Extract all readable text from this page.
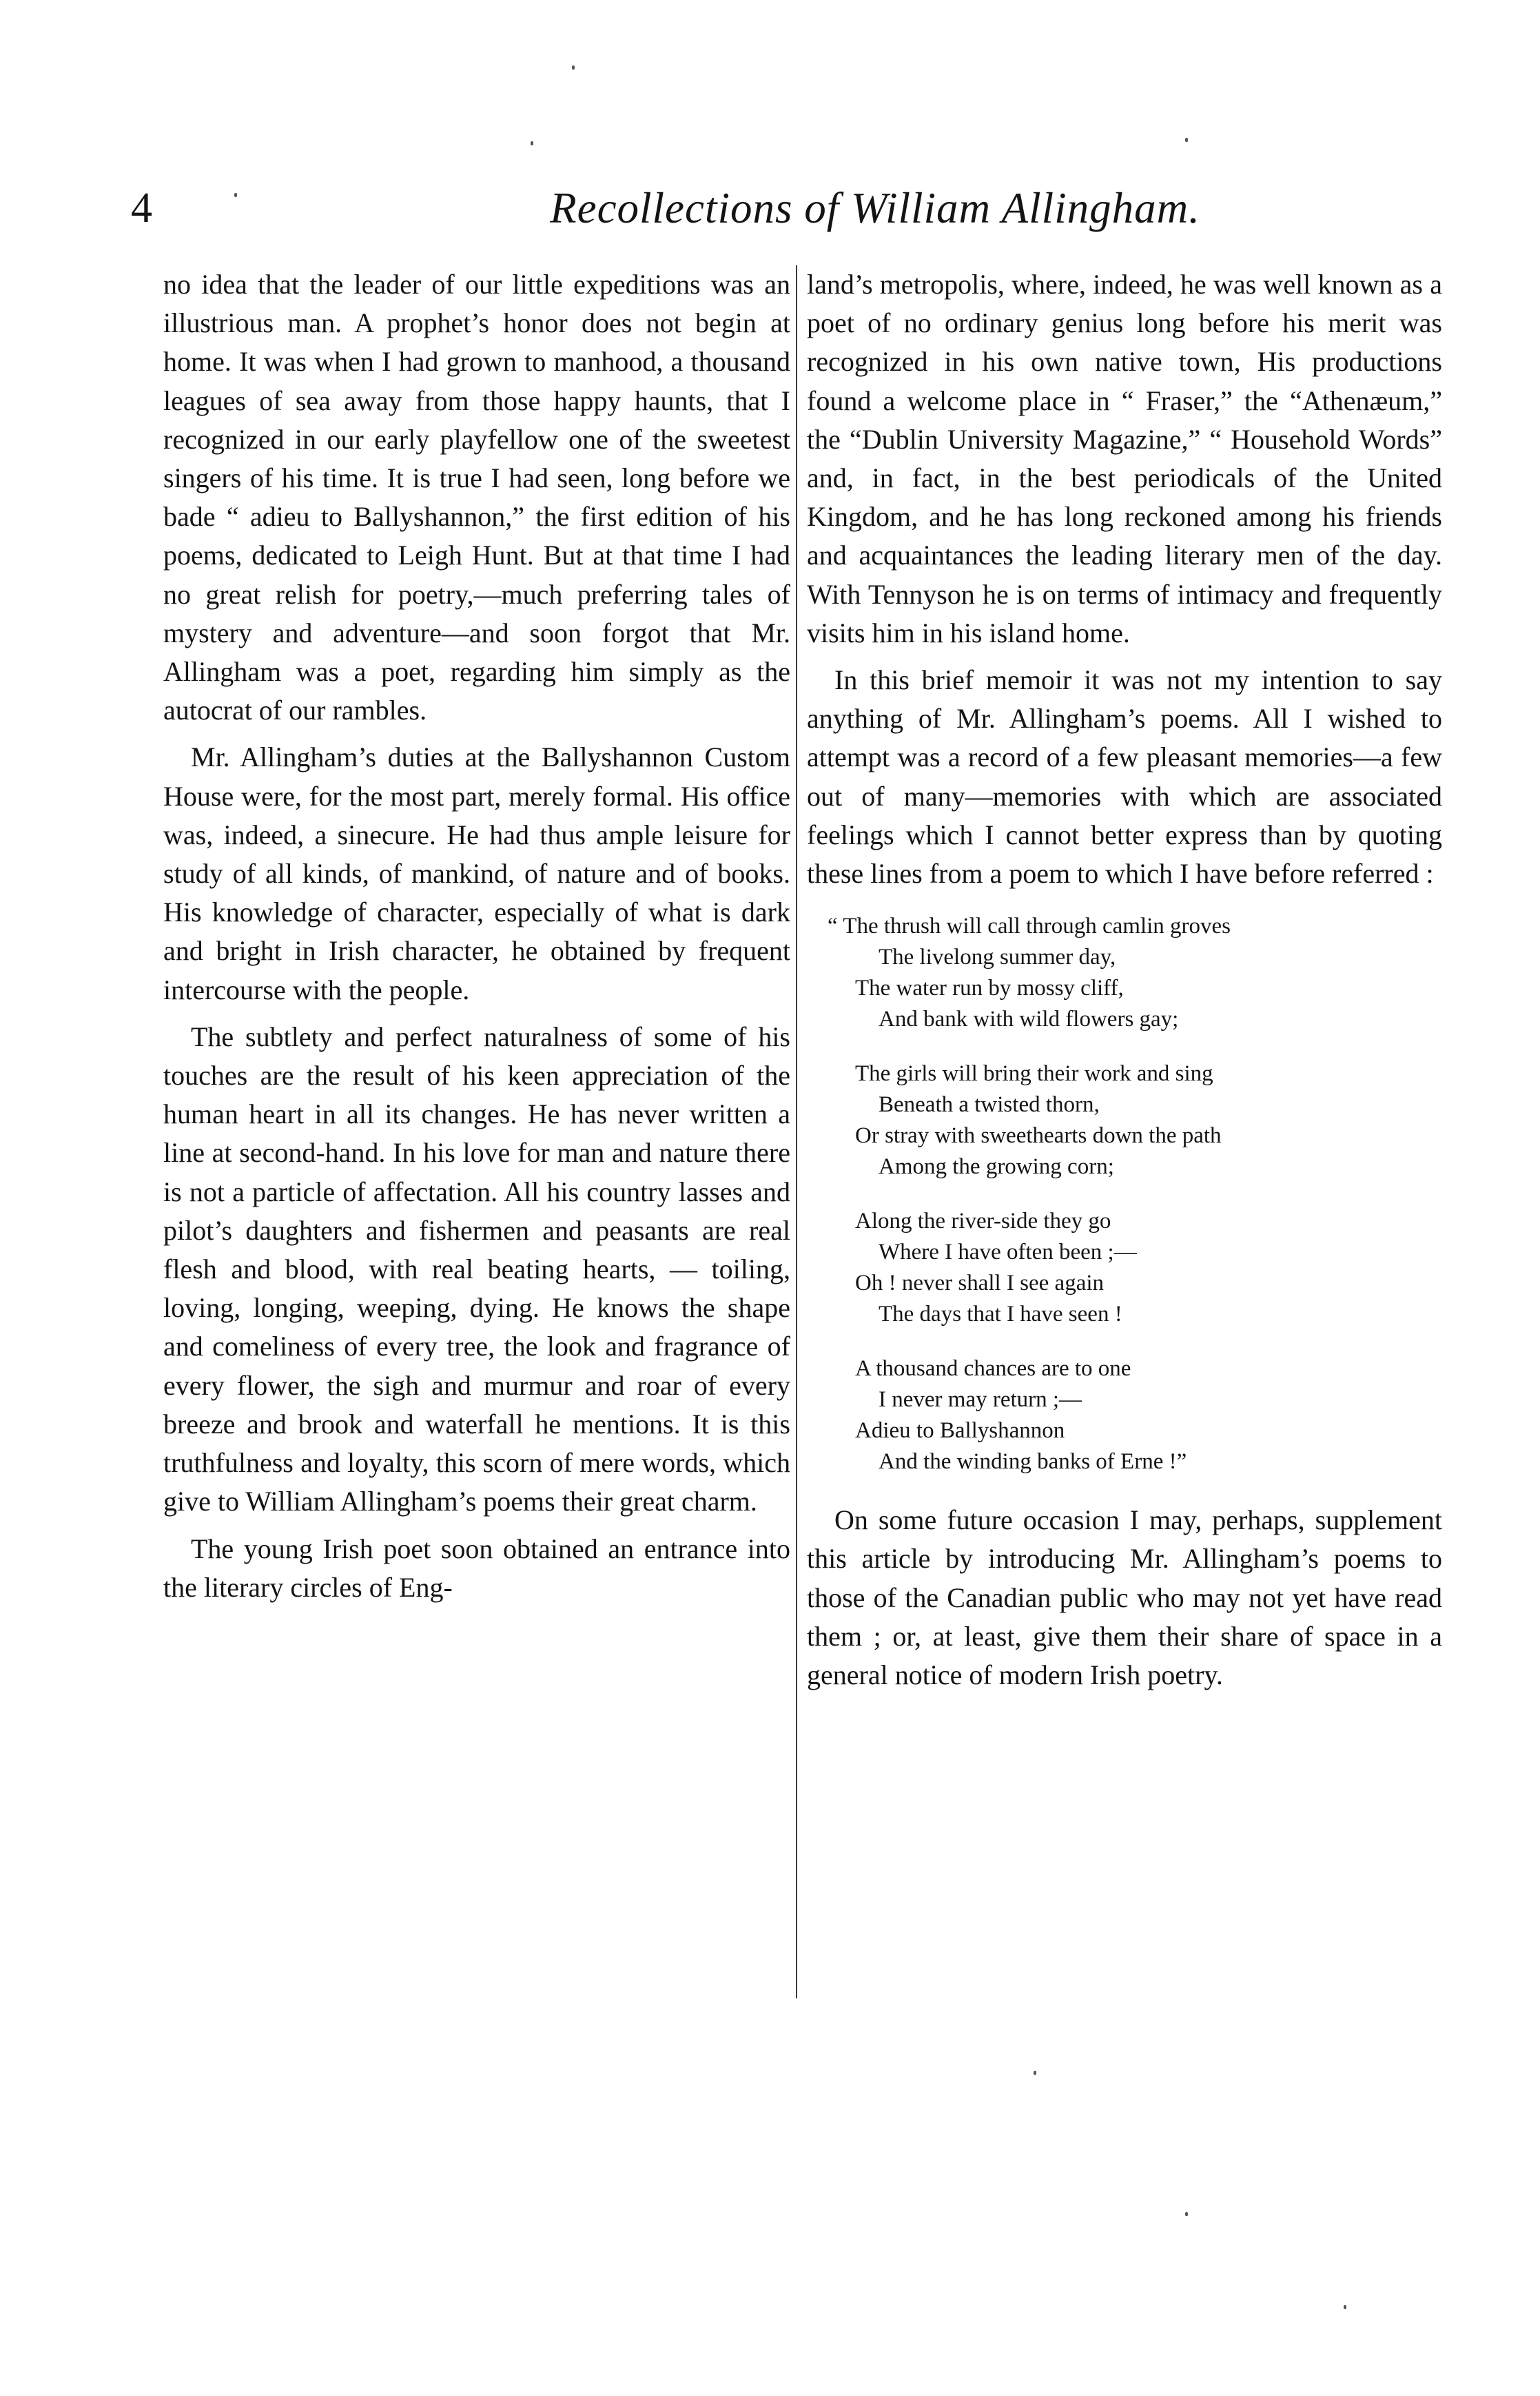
4	Recollections of William Allingham.

no idea that the leader of our little expeditions was an illustrious man. A prophet’s honor does not begin at home. It was when I had grown to manhood, a thousand leagues of sea away from those happy haunts, that I recognized in our early playfellow one of the sweetest singers of his time. It is true I had seen, long before we bade “ adieu to Ballyshannon,” the first edition of his poems, dedicated to Leigh Hunt. But at that time I had no great relish for poetry,—much preferring tales of mystery and adventure—and soon forgot that Mr. Allingham was a poet, regarding him simply as the autocrat of our rambles.

Mr. Allingham’s duties at the Ballyshannon Custom House were, for the most part, merely formal. His office was, indeed, a sinecure. He had thus ample leisure for study of all kinds, of mankind, of nature and of books. His knowledge of character, especially of what is dark and bright in Irish character, he obtained by frequent intercourse with the people.

The subtlety and perfect naturalness of some of his touches are the result of his keen appreciation of the human heart in all its changes. He has never written a line at second-hand. In his love for man and nature there is not a particle of affectation. All his country lasses and pilot’s daughters and fishermen and peasants are real flesh and blood, with real beating hearts, — toiling, loving, longing, weeping, dying. He knows the shape and comeliness of every tree, the look and fragrance of every flower, the sigh and murmur and roar of every breeze and brook and waterfall he mentions. It is this truthfulness and loyalty, this scorn of mere words, which give to William Allingham’s poems their great charm.

The young Irish poet soon obtained an entrance into the literary circles of Eng-

land’s metropolis, where, indeed, he was well known as a poet of no ordinary genius long before his merit was recognized in his own native town, His productions found a welcome place in “ Fraser,” the “Athenæum,” the “Dublin University Magazine,” “ Household Words” and, in fact, in the best periodicals of the United Kingdom, and he has long reckoned among his friends and acquaintances the leading literary men of the day. With Tennyson he is on terms of intimacy and frequently visits him in his island home.

In this brief memoir it was not my intention to say anything of Mr. Allingham’s poems. All I wished to attempt was a record of a few pleasant memories—a few out of many—memories with which are associated feelings which I cannot better express than by quoting these lines from a poem to which I have before referred :

“ The thrush will call through camlin groves
The livelong summer day,
The water run by mossy cliff,
And bank with wild flowers gay;
The girls will bring their work and sing
Beneath a twisted thorn,
Or stray with sweethearts down the path
Among the growing corn;
Along the river-side they go
Where I have often been ;—
Oh ! never shall I see again
The days that I have seen !
A thousand chances are to one
I never may return ;—
Adieu to Ballyshannon
And the winding banks of Erne !”

On some future occasion I may, perhaps, supplement this article by introducing Mr. Allingham’s poems to those of the Canadian public who may not yet have read them ; or, at least, give them their share of space in a general notice of modern Irish poetry.
